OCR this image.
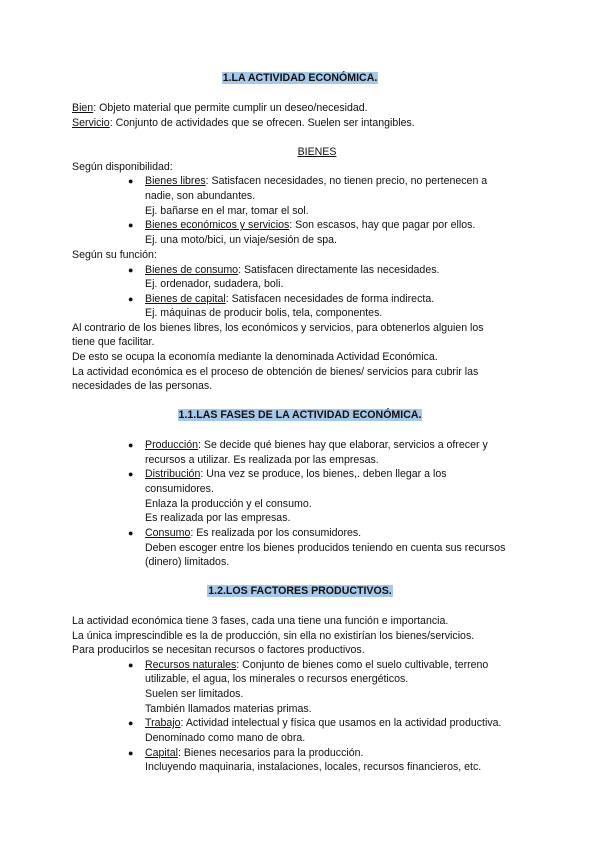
1.LA ACTIVIDAD ECONÓMICA.
Bien: Objeto material que permite cumplir un deseo/necesidad.
Servicio: Conjunto de actividades que se ofrecen. Suelen ser intangibles.
BIENES
Según disponibilidad:
● Bienes libres: Satisfacen necesidades, no tienen precio, no pertenecen a
nadie, son abundantes.
Ej. bañarse en el mar, tomar el sol.
● Bienes económicos y servicios: Son escasos, hay que pagar por ellos.
Ej. una moto/bici, un viaje/sesión de spa.
Según su función:
● Bienes de consumo: Satisfacen directamente las necesidades.
Ej. ordenador, sudadera, boli.
● Bienes de capital: Satisfacen necesidades de forma indirecta.
Ej. máquinas de producir bolis, tela, componentes.
Al contrario de los bienes libres, los económicos y servicios, para obtenerlos alguien los
tiene que facilitar.
De esto se ocupa la economía mediante la denominada Actividad Económica.
La actividad económica es el proceso de obtención de bienes/ servicios para cubrir las
necesidades de las personas.
1.1.LAS FASES DE LA ACTIVIDAD ECONÓMICA.
● Producción: Se decide qué bienes hay que elaborar, servicios a ofrecer y
recursos a utilizar. Es realizada por las empresas.
● Distribución: Una vez se produce, los bienes,. deben llegar a los
consumidores.
Enlaza la producción y el consumo.
Es realizada por las empresas.
● Consumo: Es realizada por los consumidores.
Deben escoger entre los bienes producidos teniendo en cuenta sus recursos
(dinero) limitados.
1.2.LOS FACTORES PRODUCTIVOS.
La actividad económica tiene 3 fases, cada una tiene una función e importancia.
La única imprescindible es la de producción, sin ella no existirían los bienes/servicios.
Para producirlos se necesitan recursos o factores productivos.
● Recursos naturales: Conjunto de bienes como el suelo cultivable, terreno
utilizable, el agua, los minerales o recursos energéticos.
Suelen ser limitados.
También llamados materias primas.
● Trabajo: Actividad intelectual y física que usamos en la actividad productiva.
Denominado como mano de obra.
● Capital: Bienes necesarios para la producción.
Incluyendo maquinaria, instalaciones, locales, recursos financieros, etc.
